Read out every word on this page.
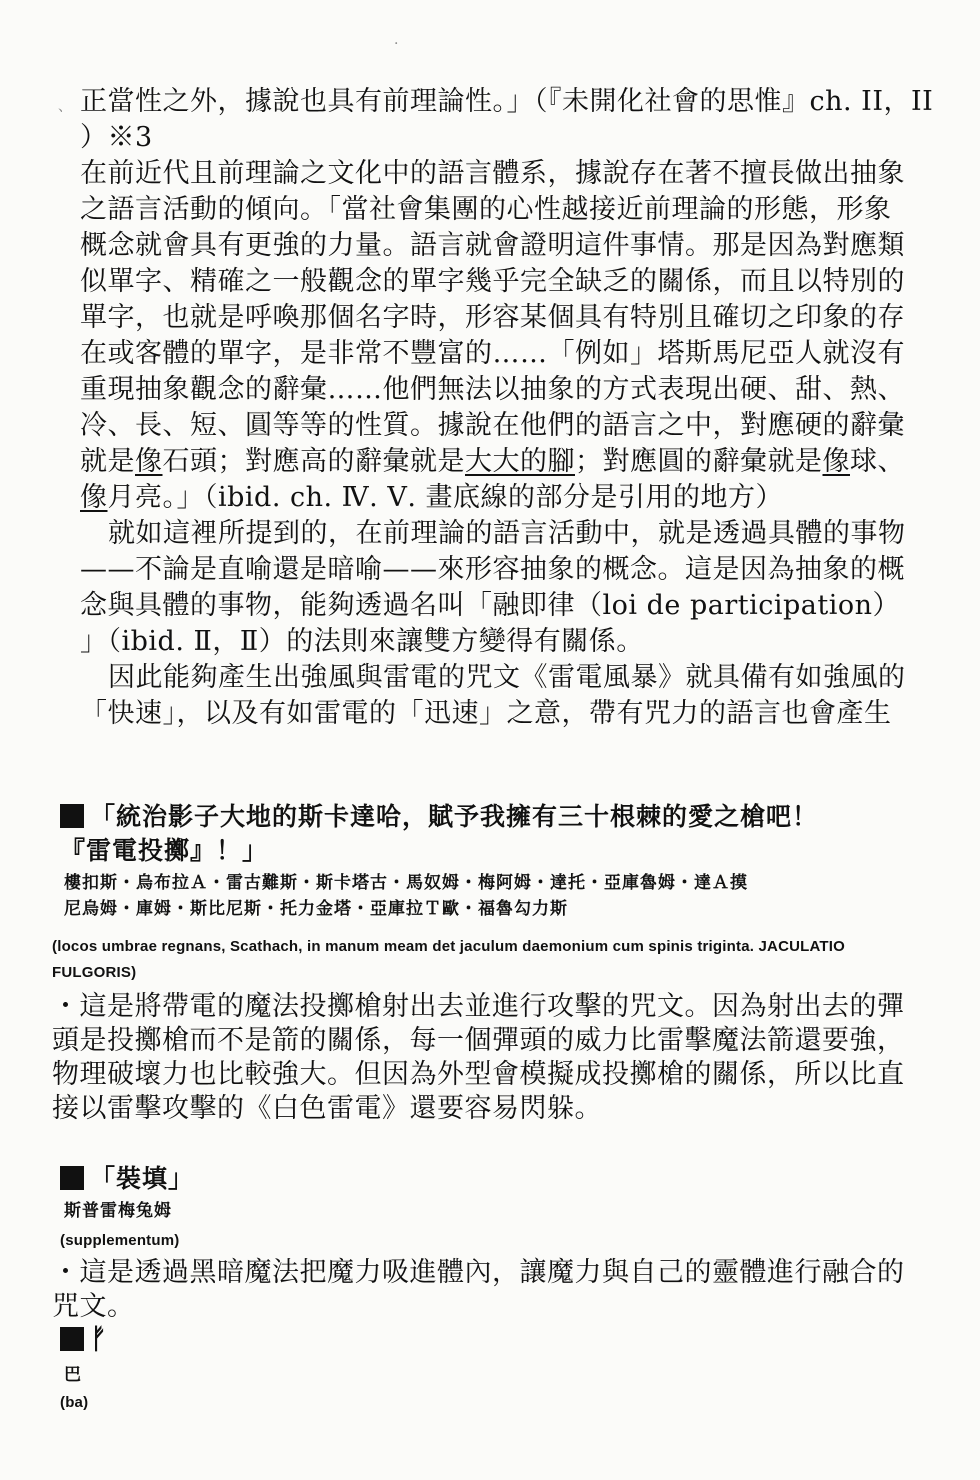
、
·
正當性之外，據說也具有前理論性。」（『未開化社會的思惟』ch. II，II
）※3
在前近代且前理論之文化中的語言體系，據說存在著不擅長做出抽象
之語言活動的傾向。「當社會集團的心性越接近前理論的形態，形象
概念就會具有更強的力量。語言就會證明這件事情。那是因為對應類
似單字、精確之一般觀念的單字幾乎完全缺乏的關係，而且以特別的
單字，也就是呼喚那個名字時，形容某個具有特別且確切之印象的存
在或客體的單字，是非常不豐富的……「例如」塔斯馬尼亞人就沒有
重現抽象觀念的辭彙……他們無法以抽象的方式表現出硬、甜、熱、
冷、長、短、圓等等的性質。據說在他們的語言之中，對應硬的辭彙
就是像石頭；對應高的辭彙就是大大的腳；對應圓的辭彙就是像球、
像月亮。」（ibid. ch. Ⅳ. Ⅴ. 畫底線的部分是引用的地方）
就如這裡所提到的，在前理論的語言活動中，就是透過具體的事物
——不論是直喻還是暗喻——來形容抽象的概念。這是因為抽象的概
念與具體的事物，能夠透過名叫「融即律（loi de participation）
」（ibid. Ⅱ，Ⅱ）的法則來讓雙方變得有關係。
因此能夠產生出強風與雷電的咒文《雷電風暴》就具備有如強風的
「快速」，以及有如雷電的「迅速」之意，帶有咒力的語言也會產生
「統治影子大地的斯卡達哈，賦予我擁有三十根棘的愛之槍吧！
『雷電投擲』！」
樓扣斯・烏布拉Ａ・雷古難斯・斯卡塔古・馬奴姆・梅阿姆・達托・亞庫魯姆・達Ａ摸
尼烏姆・庫姆・斯比尼斯・托力金塔・亞庫拉Ｔ歐・福魯勾力斯
(locos umbrae regnans, Scathach, in manum meam det jaculum daemonium cum spinis triginta. JACULATIO
FULGORIS)
・這是將帶電的魔法投擲槍射出去並進行攻擊的咒文。因為射出去的彈
頭是投擲槍而不是箭的關係，每一個彈頭的威力比雷擊魔法箭還要強，
物理破壞力也比較強大。但因為外型會模擬成投擲槍的關係，所以比直
接以雷擊攻擊的《白色雷電》還要容易閃躲。
「裝填」
斯普雷梅兔姆
(supplementum)
・這是透過黑暗魔法把魔力吸進體內，讓魔力與自己的靈體進行融合的
咒文。
ᚠ
巴
(ba)
